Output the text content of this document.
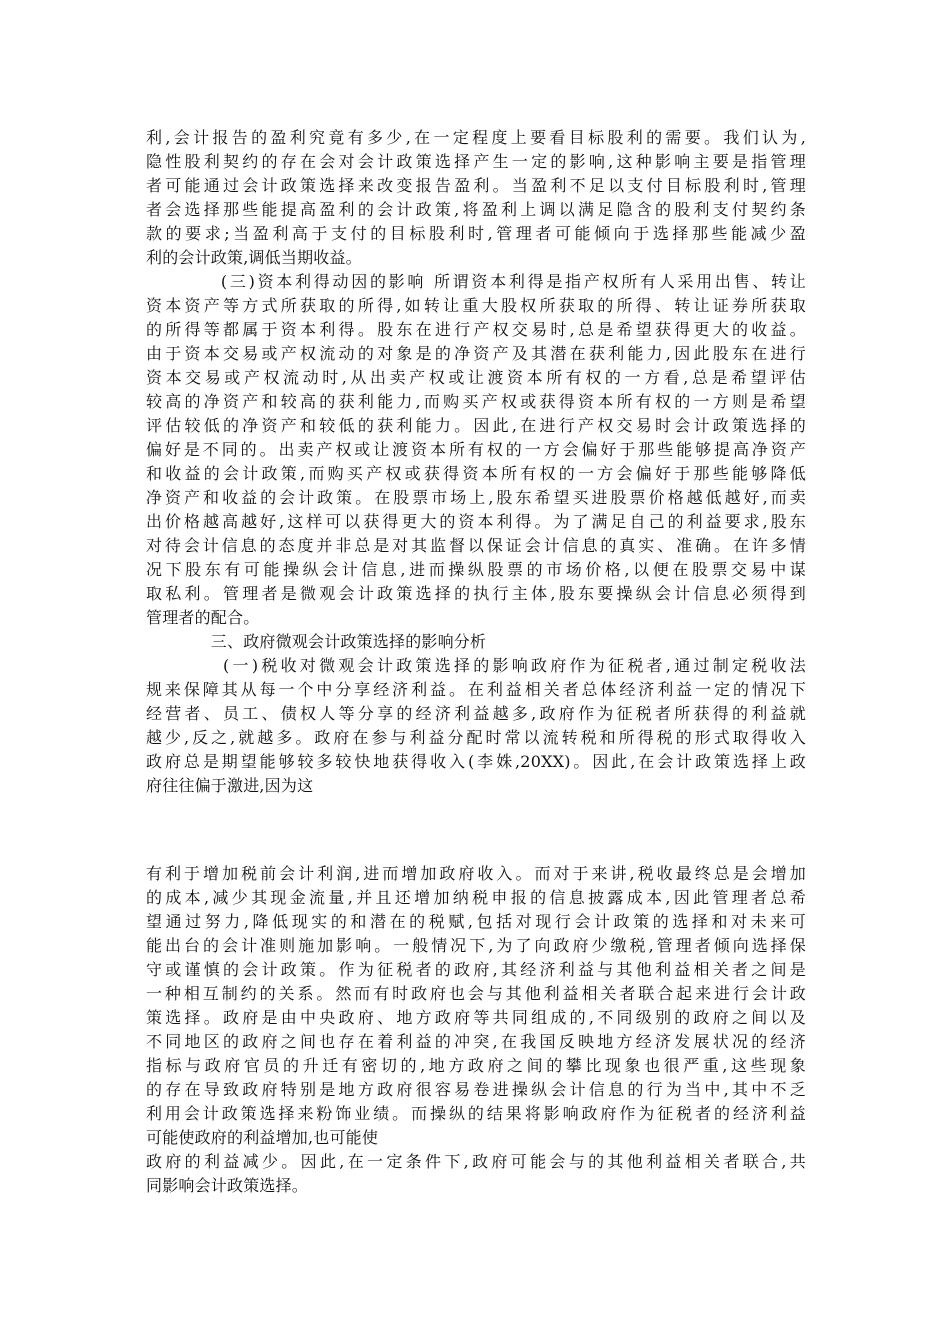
利,会计报告的盈利究竟有多少,在一定程度上要看目标股利的需要。我们认为,
隐性股利契约的存在会对会计政策选择产生一定的影响,这种影响主要是指管理
者可能通过会计政策选择来改变报告盈利。当盈利不足以支付目标股利时,管理
者会选择那些能提高盈利的会计政策,将盈利上调以满足隐含的股利支付契约条
款的要求;当盈利高于支付的目标股利时,管理者可能倾向于选择那些能减少盈
利的会计政策,调低当期收益。
　　　　(三)资本利得动因的影响 所谓资本利得是指产权所有人采用出售、转让
资本资产等方式所获取的所得,如转让重大股权所获取的所得、转让证券所获取
的所得等都属于资本利得。股东在进行产权交易时,总是希望获得更大的收益。
由于资本交易或产权流动的对象是的净资产及其潜在获利能力,因此股东在进行
资本交易或产权流动时,从出卖产权或让渡资本所有权的一方看,总是希望评估
较高的净资产和较高的获利能力,而购买产权或获得资本所有权的一方则是希望
评估较低的净资产和较低的获利能力。因此,在进行产权交易时会计政策选择的
偏好是不同的。出卖产权或让渡资本所有权的一方会偏好于那些能够提高净资产
和收益的会计政策,而购买产权或获得资本所有权的一方会偏好于那些能够降低
净资产和收益的会计政策。在股票市场上,股东希望买进股票价格越低越好,而卖
出价格越高越好,这样可以获得更大的资本利得。为了满足自己的利益要求,股东
对待会计信息的态度并非总是对其监督以保证会计信息的真实、准确。在许多情
况下股东有可能操纵会计信息,进而操纵股票的市场价格,以便在股票交易中谋
取私利。管理者是微观会计政策选择的执行主体,股东要操纵会计信息必须得到
管理者的配合。
　　　　三、政府微观会计政策选择的影响分析
　　　　(一)税收对微观会计政策选择的影响政府作为征税者,通过制定税收法
规来保障其从每一个中分享经济利益。在利益相关者总体经济利益一定的情况下
经营者、员工、债权人等分享的经济利益越多,政府作为征税者所获得的利益就
越少,反之,就越多。政府在参与利益分配时常以流转税和所得税的形式取得收入
政府总是期望能够较多较快地获得收入(李姝,20XX)。因此,在会计政策选择上政
府往往偏于激进,因为这
有利于增加税前会计利润,进而增加政府收入。而对于来讲,税收最终总是会增加
的成本,减少其现金流量,并且还增加纳税申报的信息披露成本,因此管理者总希
望通过努力,降低现实的和潜在的税赋,包括对现行会计政策的选择和对未来可
能出台的会计准则施加影响。一般情况下,为了向政府少缴税,管理者倾向选择保
守或谨慎的会计政策。作为征税者的政府,其经济利益与其他利益相关者之间是
一种相互制约的关系。然而有时政府也会与其他利益相关者联合起来进行会计政
策选择。政府是由中央政府、地方政府等共同组成的,不同级别的政府之间以及
不同地区的政府之间也存在着利益的冲突,在我国反映地方经济发展状况的经济
指标与政府官员的升迁有密切的,地方政府之间的攀比现象也很严重,这些现象
的存在导致政府特别是地方政府很容易卷进操纵会计信息的行为当中,其中不乏
利用会计政策选择来粉饰业绩。而操纵的结果将影响政府作为征税者的经济利益
可能使政府的利益增加,也可能使
政府的利益减少。因此,在一定条件下,政府可能会与的其他利益相关者联合,共
同影响会计政策选择。
